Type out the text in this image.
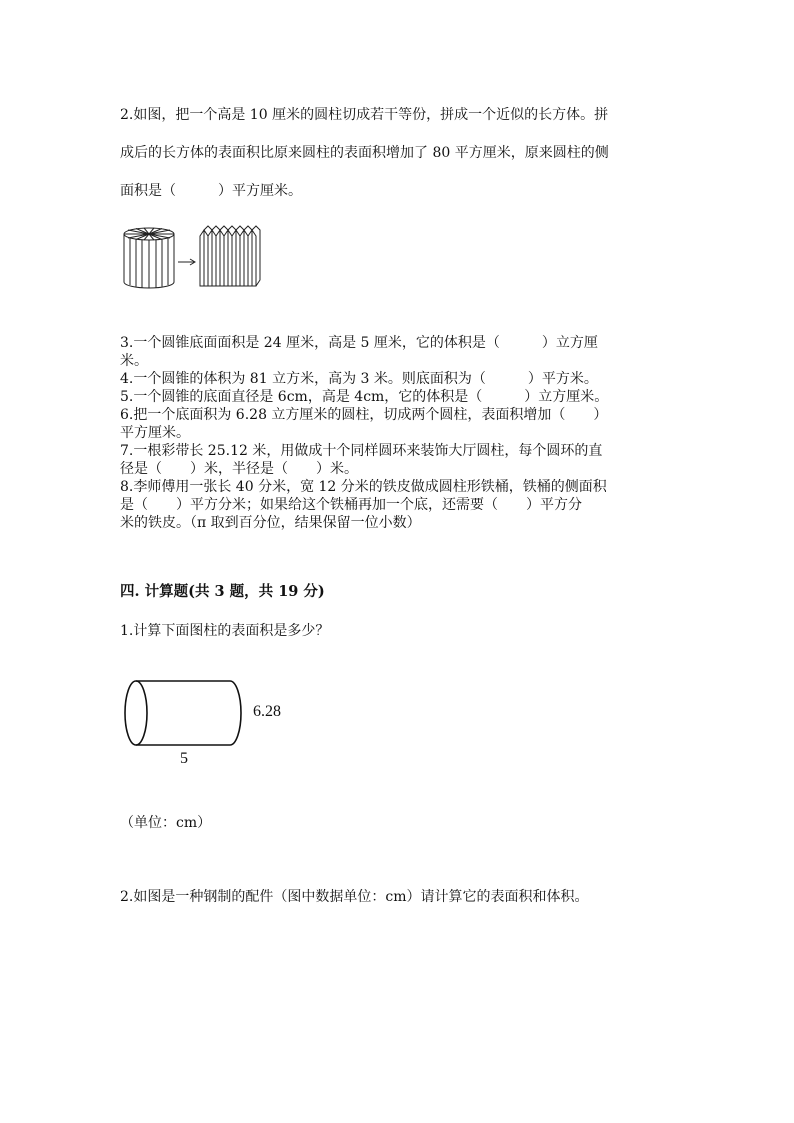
2.如图，把一个高是 10 厘米的圆柱切成若干等份，拼成一个近似的长方体。拼
成后的长方体的表面积比原来圆柱的表面积增加了 80 平方厘米，原来圆柱的侧
面积是（　　　）平方厘米。
3.一个圆锥底面面积是 24 厘米，高是 5 厘米，它的体积是（　　　）立方厘
米。
4.一个圆锥的体积为 81 立方米，高为 3 米。则底面积为（　　　）平方米。
5.一个圆锥的底面直径是 6cm，高是 4cm，它的体积是（　　　）立方厘米。
6.把一个底面积为 6.28 立方厘米的圆柱，切成两个圆柱，表面积增加（　　）
平方厘米。
7.一根彩带长 25.12 米，用做成十个同样圆环来装饰大厅圆柱，每个圆环的直
径是（　　）米，半径是（　　）米。
8.李师傅用一张长 40 分米，宽 12 分米的铁皮做成圆柱形铁桶，铁桶的侧面积
是（　　）平方分米；如果给这个铁桶再加一个底，还需要（　　）平方分
米的铁皮。（π 取到百分位，结果保留一位小数）
四. 计算题(共 3 题，共 19 分)
1.计算下面图柱的表面积是多少？
6.28
5
（单位：cm）
2.如图是一种钢制的配件（图中数据单位：cm）请计算它的表面积和体积。
